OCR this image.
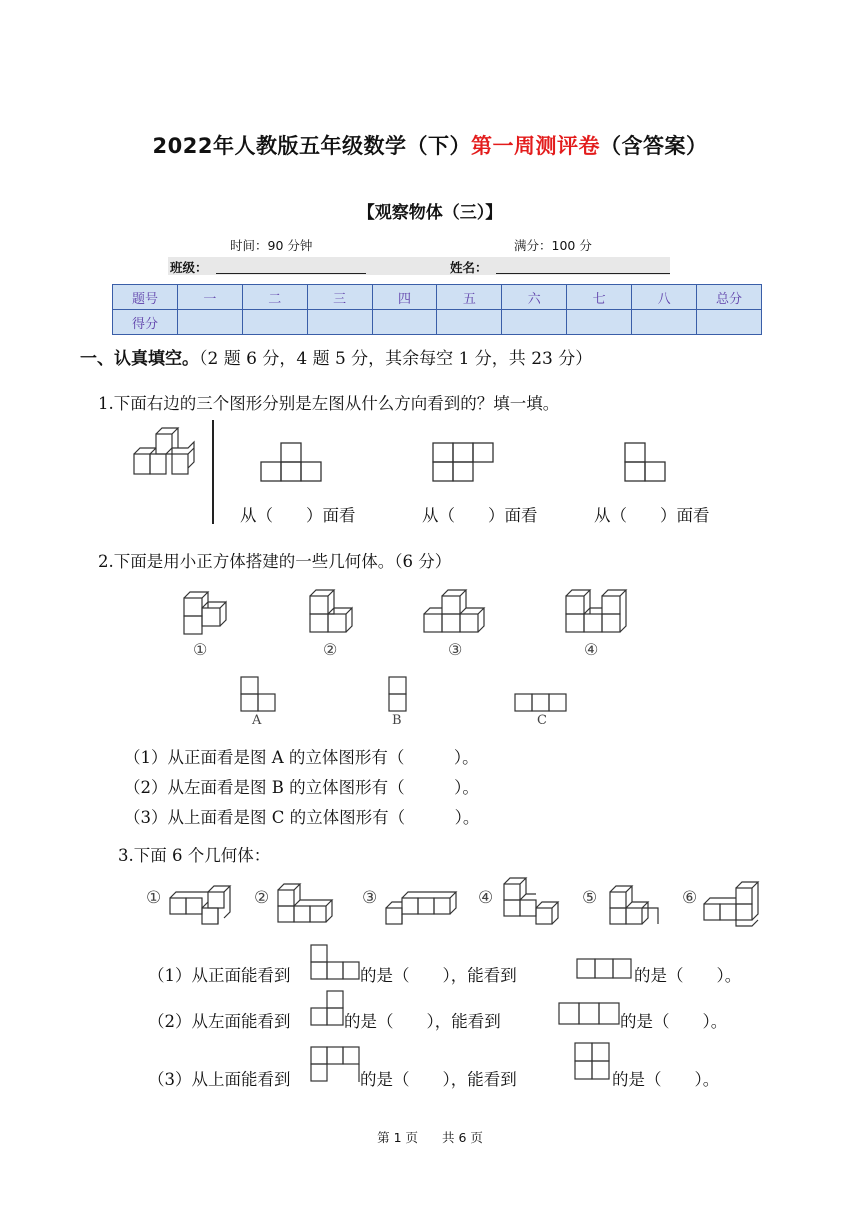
2022年人教版五年级数学（下）第一周测评卷（含答案）
【观察物体（三）】
时间：90 分钟	满分：100 分
班级：	姓名：
题号	一	二	三	四	五	六	七	八	总分
得分									
一、认真填空。（2 题 6 分，4 题 5 分，其余每空 1 分，共 23 分）
1.下面右边的三个图形分别是左图从什么方向看到的？填一填。
从（　　）面看	从（　　）面看	从（　　）面看
2.下面是用小正方体搭建的一些几何体。（6 分）
①	②	③	④
A	B	C
（1）从正面看是图 A 的立体图形有（　　　）。
（2）从左面看是图 B 的立体图形有（　　　）。
（3）从上面看是图 C 的立体图形有（　　　）。
3.下面 6 个几何体：
①	②	③	④	⑤	⑥
（1）从正面能看到	的是（　　），能看到	的是（　　）。
（2）从左面能看到	的是（　　），能看到	的是（　　）。
（3）从上面能看到	的是（　　），能看到	的是（　　）。
第 1 页 共 6 页
